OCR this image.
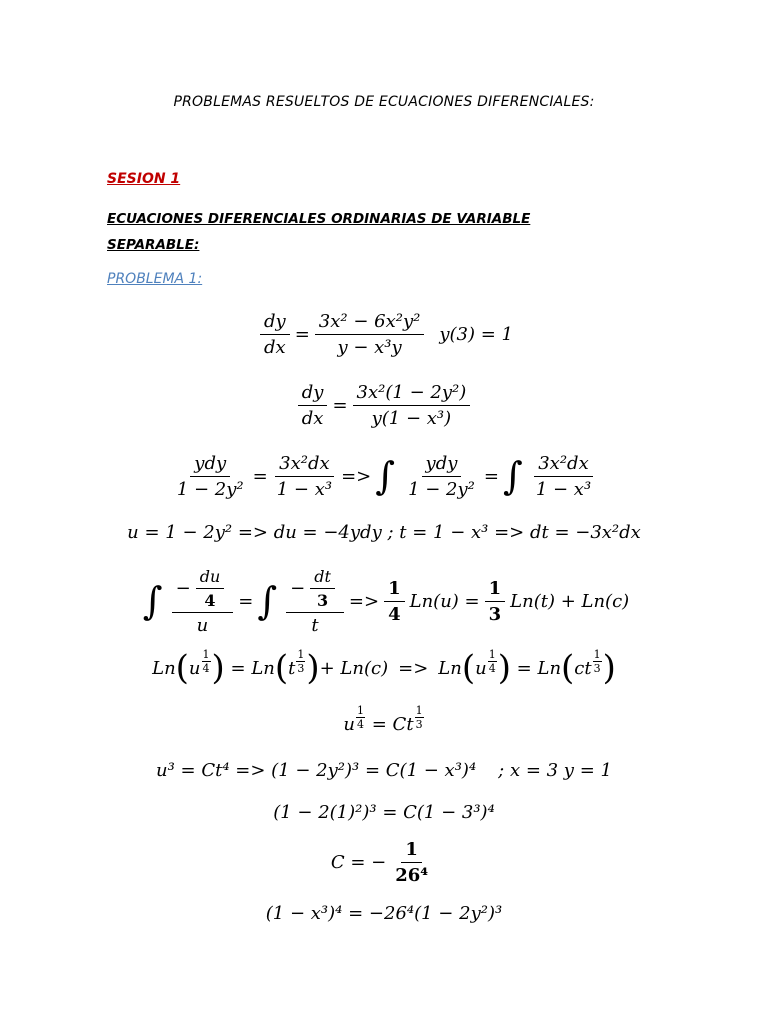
PROBLEMAS RESUELTOS DE ECUACIONES DIFERENCIALES:
SESION 1
ECUACIONES DIFERENCIALES ORDINARIAS DE VARIABLE SEPARABLE:
PROBLEMA 1:
$\frac{dy}{dx} = \frac{\text{3x² − 6x²y²}}{\text{y − x³y}} y(3) = 1$
$\frac{dy}{dx} = \frac{\text{3x²(1 − 2y²)}}{\text{y(1 − x³)}}$
$\frac{\text{ydy}}{\text{1 − 2y²}} = \frac{\text{3x²dx}}{\text{1 − x³}}$ => ∫ $\frac{\text{ydy}}{\text{1 − 2y²}}$ = ∫ $\frac{\text{3x²dx}}{\text{1 − x³}}$
u = 1 − 2y² => du = −4ydy ; t = 1 − x³ => dt = −3x²dx
∫ $\frac{- \frac{du}{4}}{u}$ = ∫ $\frac{- \frac{dt}{3}}{t} => \frac{1}{4} Ln(u) = \frac{1}{3} Ln(t) + Ln(c)$
Ln ( u $\frac{1}{4}$ ) = Ln ( t $\frac{1}{3}$ ) + Ln(c) => Ln ( u $\frac{1}{4}$ ) = Ln ( ct $\frac{1}{3}$ )
u $\frac{1}{4} = Ct \frac{1}{3}$
u³ = Ct⁴ => (1 − 2y²)³ = C(1 − x³)⁴ ; x = 3 y = 1
(1 − 2(1)²)³ = C(1 − 3³)⁴
C = − $\frac{1}{\text{26⁴}}$
(1 − x³)⁴ = −26⁴(1 − 2y²)³
